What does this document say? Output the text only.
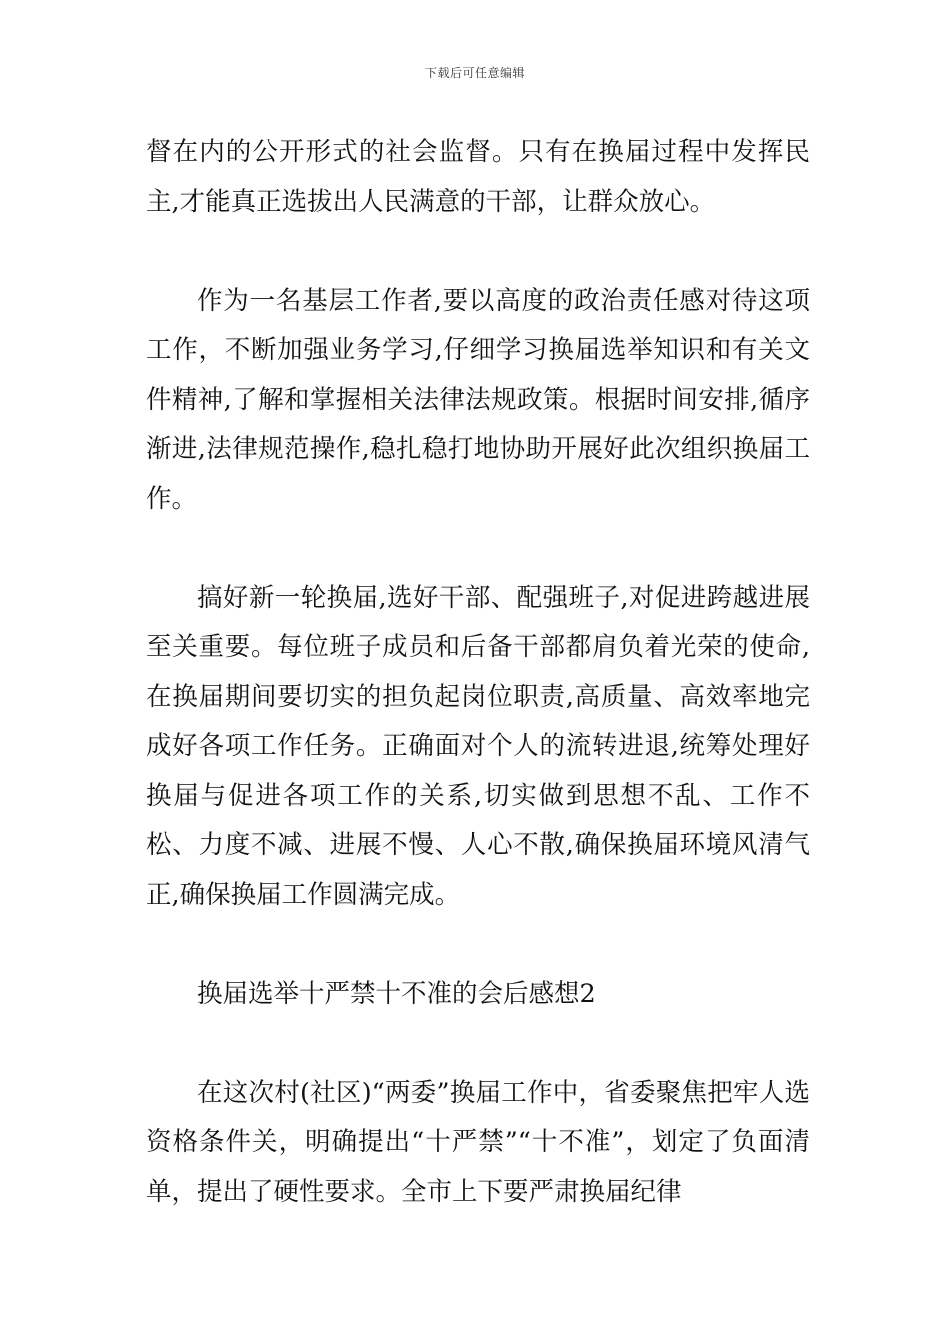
下载后可任意编辑

督在内的公开形式的社会监督。只有在换届过程中发挥民主,才能真正选拔出人民满意的干部，让群众放心。

作为一名基层工作者,要以高度的政治责任感对待这项工作，不断加强业务学习,仔细学习换届选举知识和有关文件精神,了解和掌握相关法律法规政策。根据时间安排,循序渐进,法律规范操作,稳扎稳打地协助开展好此次组织换届工作。

搞好新一轮换届,选好干部、配强班子,对促进跨越进展至关重要。每位班子成员和后备干部都肩负着光荣的使命,在换届期间要切实的担负起岗位职责,高质量、高效率地完成好各项工作任务。正确面对个人的流转进退,统筹处理好换届与促进各项工作的关系,切实做到思想不乱、工作不松、力度不减、进展不慢、人心不散,确保换届环境风清气正,确保换届工作圆满完成。

换届选举十严禁十不准的会后感想2

在这次村(社区)“两委”换届工作中，省委聚焦把牢人选资格条件关，明确提出“十严禁”“十不准”，划定了负面清单，提出了硬性要求。全市上下要严肃换届纪律
